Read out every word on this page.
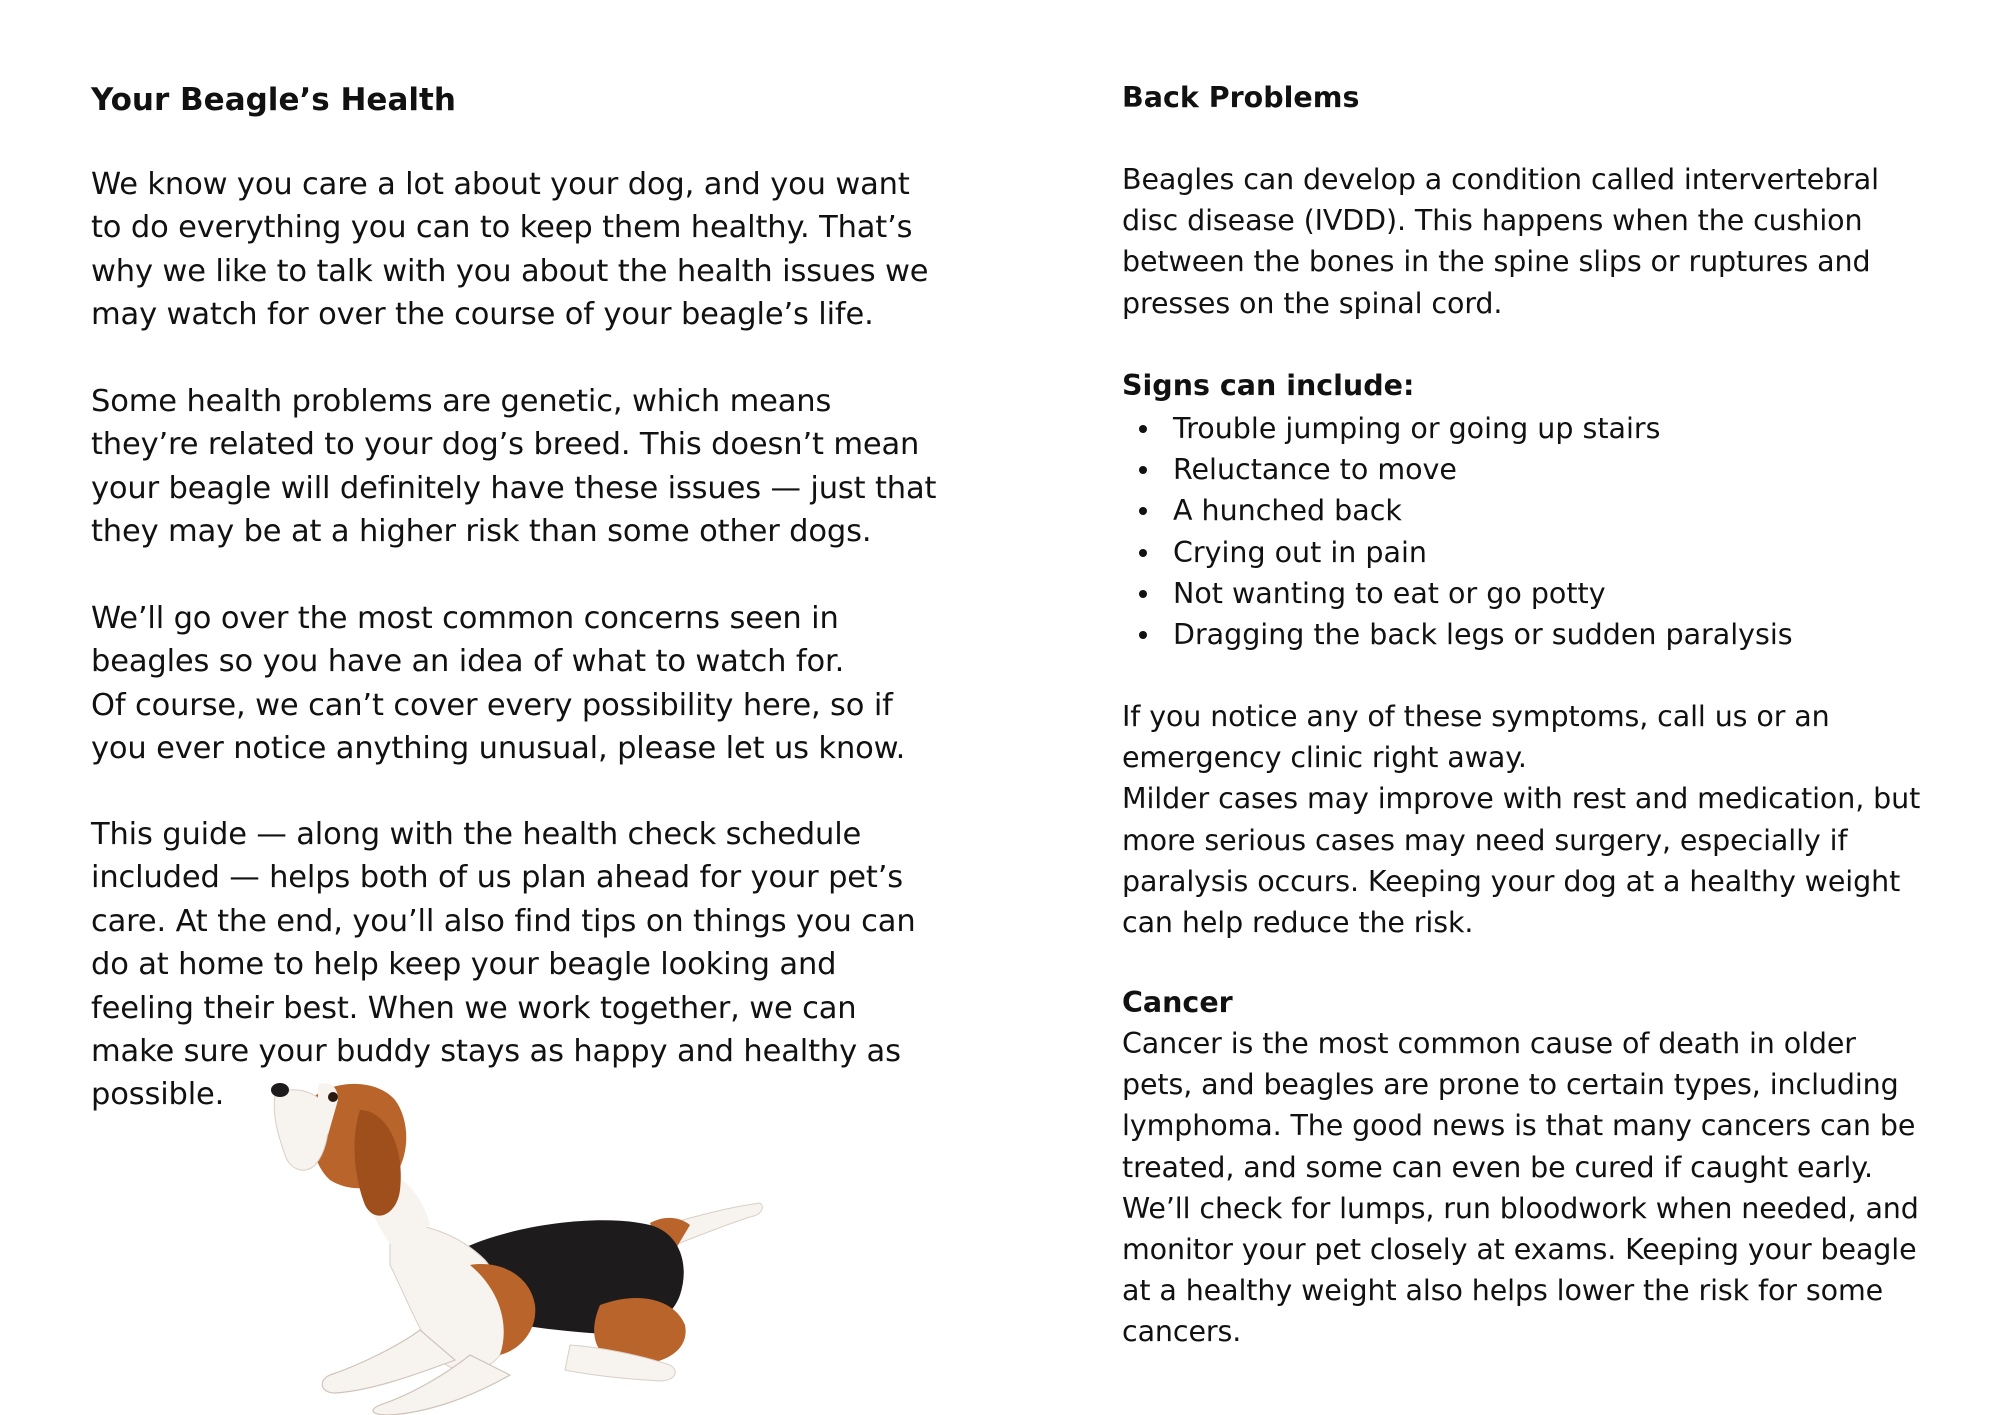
Your Beagle’s Health

We know you care a lot about your dog, and you want
to do everything you can to keep them healthy. That’s
why we like to talk with you about the health issues we
may watch for over the course of your beagle’s life.

Some health problems are genetic, which means
they’re related to your dog’s breed. This doesn’t mean
your beagle will definitely have these issues — just that
they may be at a higher risk than some other dogs.

We’ll go over the most common concerns seen in
beagles so you have an idea of what to watch for.
Of course, we can’t cover every possibility here, so if
you ever notice anything unusual, please let us know.

This guide — along with the health check schedule
included — helps both of us plan ahead for your pet’s
care. At the end, you’ll also find tips on things you can
do at home to help keep your beagle looking and
feeling their best. When we work together, we can
make sure your buddy stays as happy and healthy as
possible.

Back Problems

Beagles can develop a condition called intervertebral
disc disease (IVDD). This happens when the cushion
between the bones in the spine slips or ruptures and
presses on the spinal cord.

Signs can include:
Trouble jumping or going up stairs
Reluctance to move
A hunched back
Crying out in pain
Not wanting to eat or go potty
Dragging the back legs or sudden paralysis

If you notice any of these symptoms, call us or an
emergency clinic right away.
Milder cases may improve with rest and medication, but
more serious cases may need surgery, especially if
paralysis occurs. Keeping your dog at a healthy weight
can help reduce the risk.

Cancer

Cancer is the most common cause of death in older
pets, and beagles are prone to certain types, including
lymphoma. The good news is that many cancers can be
treated, and some can even be cured if caught early.
We’ll check for lumps, run bloodwork when needed, and
monitor your pet closely at exams. Keeping your beagle
at a healthy weight also helps lower the risk for some
cancers.
